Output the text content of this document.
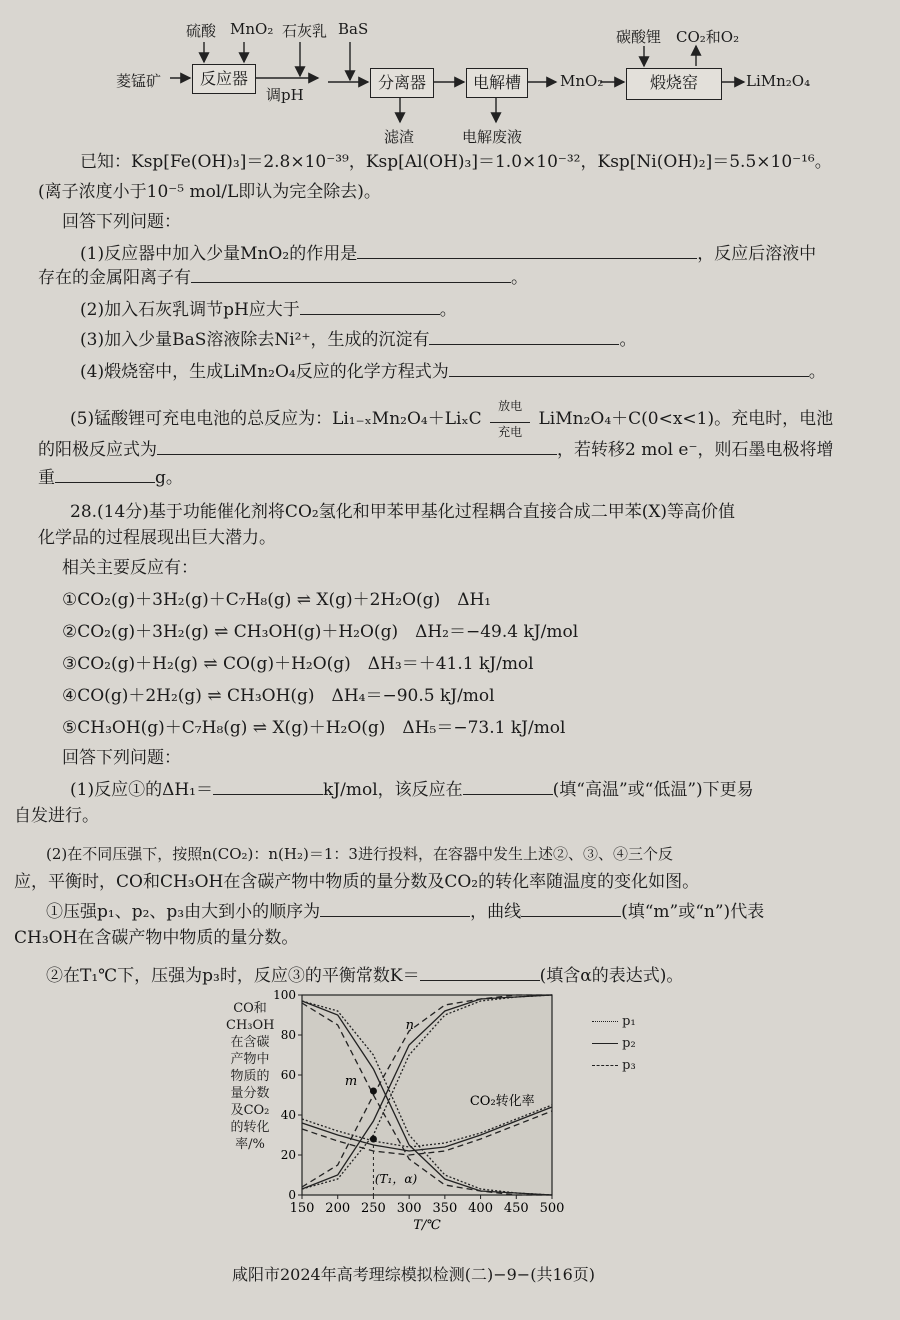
硫酸 MnO₂ 石灰乳 BaS
菱锰矿	反应器
调pH
分离器
滤渣
电解槽
电解废液
MnO₂
碳酸锂 CO₂和O₂
煅烧窑	LiMn₂O₄
已知：Ksp[Fe(OH)₃]＝2.8×10⁻³⁹，Ksp[Al(OH)₃]＝1.0×10⁻³²，Ksp[Ni(OH)₂]＝5.5×10⁻¹⁶。
(离子浓度小于10⁻⁵ mol/L即认为完全除去)。
回答下列问题：
(1)反应器中加入少量MnO₂的作用是	，反应后溶液中
存在的金属阳离子有	。
(2)加入石灰乳调节pH应大于	。
(3)加入少量BaS溶液除去Ni²⁺，生成的沉淀有	。
(4)煅烧窑中，生成LiMn₂O₄反应的化学方程式为	。
(5)锰酸锂可充电电池的总反应为：Li₁₋ₓMn₂O₄＋LiₓC 放电

充电 LiMn₂O₄＋C(0<x<1)。充电时，电池
的阳极反应式为	，若转移2 mol e⁻，则石墨电极将增
重	g。
28.(14分)基于功能催化剂将CO₂氢化和甲苯甲基化过程耦合直接合成二甲苯(X)等高价值
化学品的过程展现出巨大潜力。
相关主要反应有：
①CO₂(g)＋3H₂(g)＋C₇H₈(g) ⇌ X(g)＋2H₂O(g)　ΔH₁
②CO₂(g)＋3H₂(g) ⇌ CH₃OH(g)＋H₂O(g)　ΔH₂＝−49.4 kJ/mol
③CO₂(g)＋H₂(g) ⇌ CO(g)＋H₂O(g)　ΔH₃＝＋41.1 kJ/mol
④CO(g)＋2H₂(g) ⇌ CH₃OH(g)　ΔH₄＝−90.5 kJ/mol
⑤CH₃OH(g)＋C₇H₈(g) ⇌ X(g)＋H₂O(g)　ΔH₅＝−73.1 kJ/mol
回答下列问题：
(1)反应①的ΔH₁＝	kJ/mol，该反应在	(填“高温”或“低温”)下更易
自发进行。
(2)在不同压强下，按照n(CO₂)：n(H₂)＝1：3进行投料，在容器中发生上述②、③、④三个反
应，平衡时，CO和CH₃OH在含碳产物中物质的量分数及CO₂的转化率随温度的变化如图。
①压强p₁、p₂、p₃由大到小的顺序为	，曲线	(填“m”或“n”)代表
CH₃OH在含碳产物中物质的量分数。
②在T₁℃下，压强为p₃时，反应③的平衡常数K＝	(填含α的表达式)。
CO和CH₃OH在含碳产物中物质的量分数及CO₂的转化率/%
150 200 250 300 350 400 450 500
0
20
40
60
80
100
T/℃
(T₁，α)
m
n
CO₂转化率
p₁
p₂
p₃
咸阳市2024年高考理综模拟检测(二)−9−(共16页)
